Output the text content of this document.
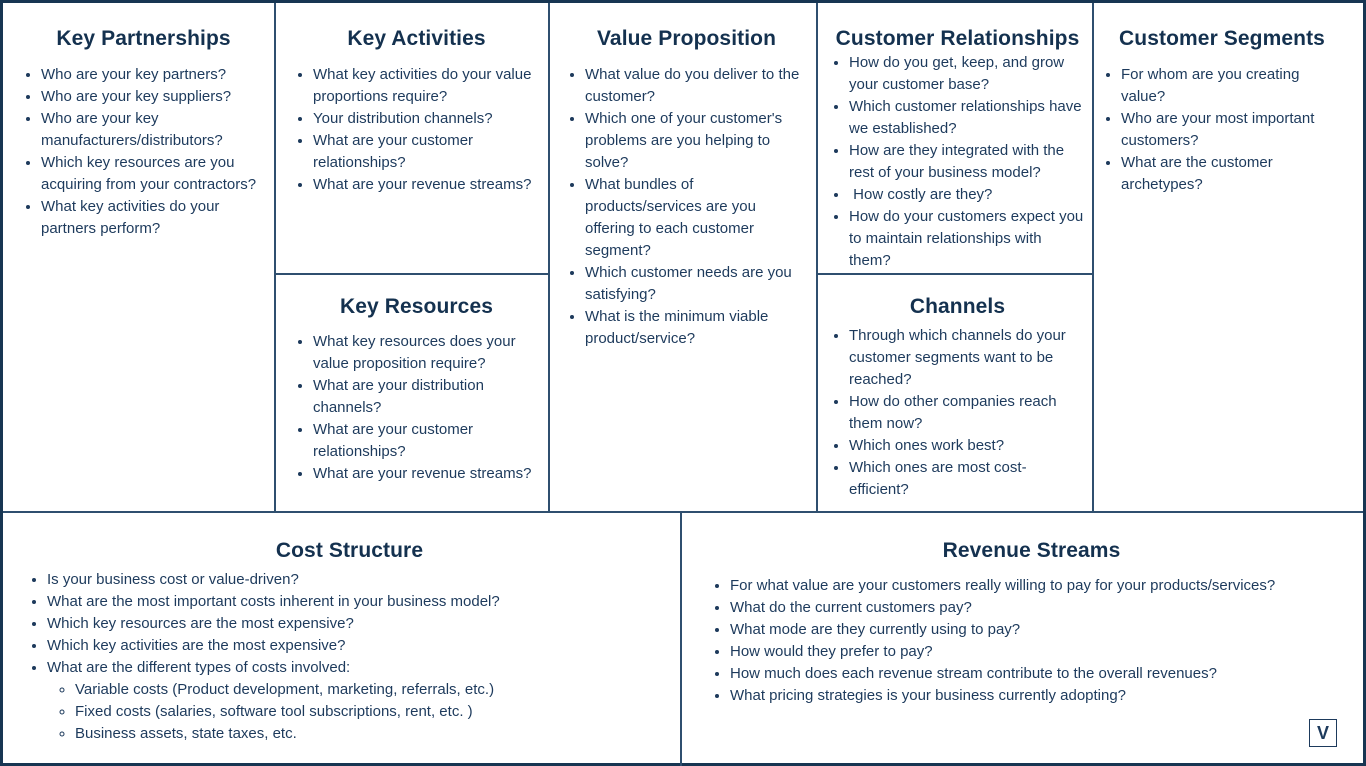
Key Partnerships
• Who are your key partners?
• Who are your key suppliers?
• Who are your key manufacturers/distributors?
• Which key resources are you acquiring from your contractors?
• What key activities do your partners perform?
Key Activities
• What key activities do your value proportions require?
• Your distribution channels?
• What are your customer relationships?
• What are your revenue streams?
Key Resources
• What key resources does your value proposition require?
• What are your distribution channels?
• What are your customer relationships?
• What are your revenue streams?
Value Proposition
• What value do you deliver to the customer?
• Which one of your customer's problems are you helping to solve?
• What bundles of products/services are you offering to each customer segment?
• Which customer needs are you satisfying?
• What is the minimum viable product/service?
Customer Relationships
• How do you get, keep, and grow your customer base?
• Which customer relationships have we established?
• How are they integrated with the rest of your business model?
•  How costly are they?
• How do your customers expect you to maintain relationships with them?
Channels
• Through which channels do your customer segments want to be reached?
• How do other companies reach them now?
• Which ones work best?
• Which ones are most cost-efficient?
Customer Segments
• For whom are you creating value?
• Who are your most important customers?
• What are the customer archetypes?
Cost Structure
• Is your business cost or value-driven?
• What are the most important costs inherent in your business model?
• Which key resources are the most expensive?
• Which key activities are the most expensive?
• What are the different types of costs involved:
◦ Variable costs (Product development, marketing, referrals, etc.)
◦ Fixed costs (salaries, software tool subscriptions, rent, etc. )
◦ Business assets, state taxes, etc.
Revenue Streams
• For what value are your customers really willing to pay for your products/services?
• What do the current customers pay?
• What mode are they currently using to pay?
• How would they prefer to pay?
• How much does each revenue stream contribute to the overall revenues?
• What pricing strategies is your business currently adopting?
V
